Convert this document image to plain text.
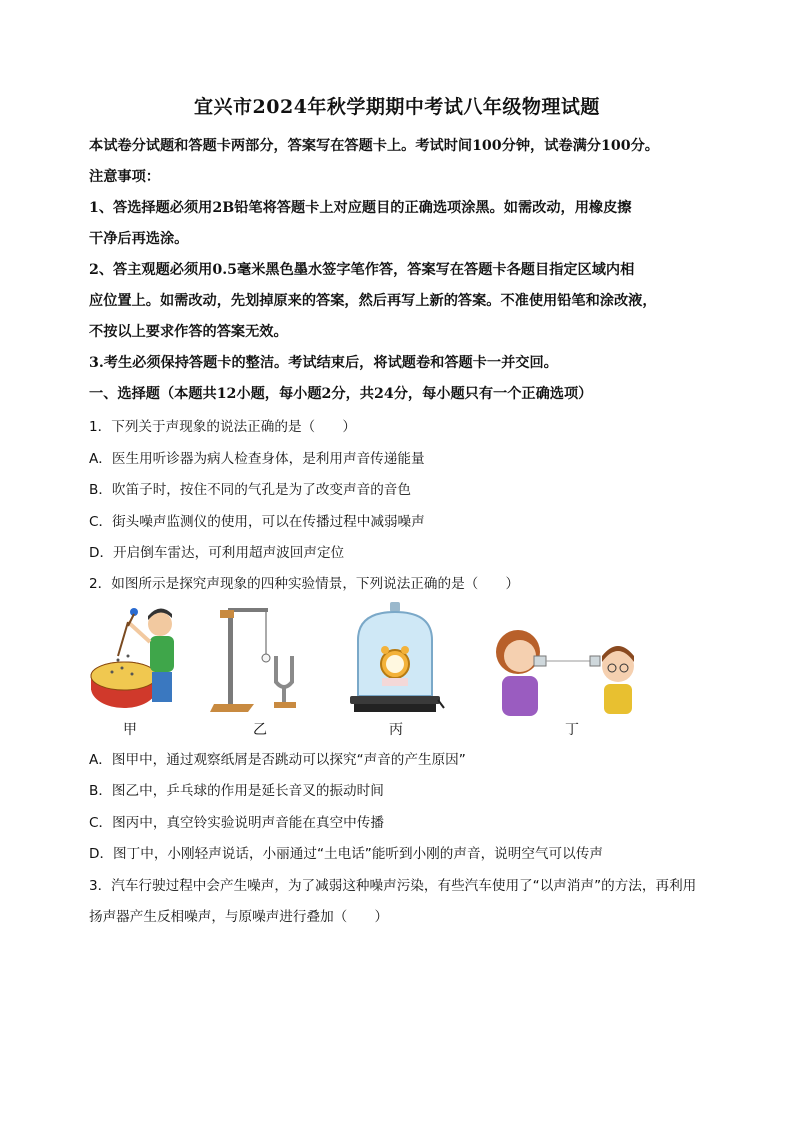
宜兴市2024年秋学期期中考试八年级物理试题
本试卷分试题和答题卡两部分，答案写在答题卡上。考试时间100分钟，试卷满分100分。
注意事项：
1、答选择题必须用2B铅笔将答题卡上对应题目的正确选项涂黑。如需改动，用橡皮擦
干净后再选涂。
2、答主观题必须用0.5毫米黑色墨水签字笔作答，答案写在答题卡各题目指定区域内相
应位置上。如需改动，先划掉原来的答案，然后再写上新的答案。不准使用铅笔和涂改液，
不按以上要求作答的答案无效。
3.考生必须保持答题卡的整洁。考试结束后，将试题卷和答题卡一并交回。
一、选择题（本题共12小题，每小题2分，共24分，每小题只有一个正确选项）
1．下列关于声现象的说法正确的是（　　）
A．医生用听诊器为病人检查身体，是利用声音传递能量
B．吹笛子时，按住不同的气孔是为了改变声音的音色
C．街头噪声监测仪的使用，可以在传播过程中减弱噪声
D．开启倒车雷达，可利用超声波回声定位
2．如图所示是探究声现象的四种实验情景，下列说法正确的是（　　）
甲	乙	丙	丁
A．图甲中，通过观察纸屑是否跳动可以探究“声音的产生原因”
B．图乙中，乒乓球的作用是延长音叉的振动时间
C．图丙中，真空铃实验说明声音能在真空中传播
D．图丁中，小刚轻声说话，小丽通过“土电话”能听到小刚的声音，说明空气可以传声
3．汽车行驶过程中会产生噪声，为了减弱这种噪声污染，有些汽车使用了“以声消声”的方法，再利用
扬声器产生反相噪声，与原噪声进行叠加（　　）
